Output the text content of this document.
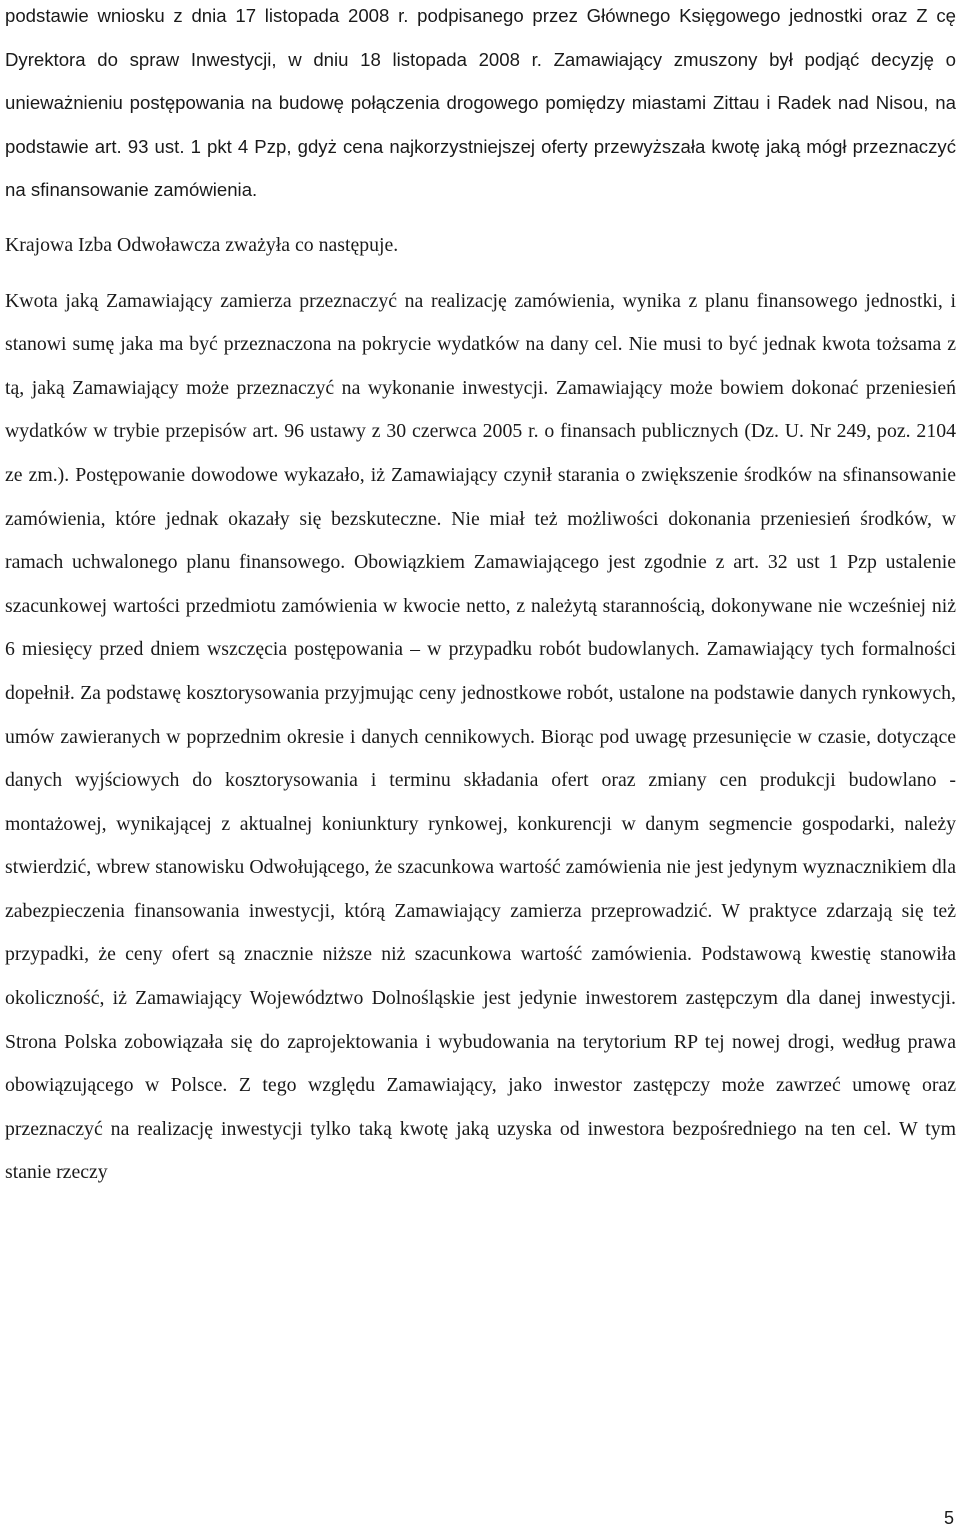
podstawie wniosku z dnia 17 listopada 2008 r. podpisanego przez Głównego Księgowego jednostki oraz Z cę Dyrektora do spraw Inwestycji, w dniu 18 listopada 2008 r. Zamawiający zmuszony był podjąć decyzję o unieważnieniu postępowania na budowę połączenia drogowego pomiędzy miastami Zittau i Radek nad Nisou, na podstawie art. 93 ust. 1 pkt 4 Pzp, gdyż cena najkorzystniejszej oferty przewyższała kwotę jaką mógł przeznaczyć na sfinansowanie zamówienia.

Krajowa Izba Odwoławcza zważyła co następuje.

Kwota jaką Zamawiający zamierza przeznaczyć na realizację zamówienia, wynika z planu finansowego jednostki, i stanowi sumę jaka ma być przeznaczona na pokrycie wydatków na dany cel. Nie musi to być jednak kwota tożsama z tą, jaką Zamawiający może przeznaczyć na wykonanie inwestycji. Zamawiający może bowiem dokonać przeniesień wydatków w trybie przepisów art. 96 ustawy z 30 czerwca 2005 r. o finansach publicznych (Dz. U. Nr 249, poz. 2104 ze zm.). Postępowanie dowodowe wykazało, iż Zamawiający czynił starania o zwiększenie środków na sfinansowanie zamówienia, które jednak okazały się bezskuteczne. Nie miał też możliwości dokonania przeniesień środków, w ramach uchwalonego planu finansowego. Obowiązkiem Zamawiającego jest zgodnie z art. 32 ust 1 Pzp ustalenie szacunkowej wartości przedmiotu zamówienia w kwocie netto, z należytą starannością, dokonywane nie wcześniej niż 6 miesięcy przed dniem wszczęcia postępowania – w przypadku robót budowlanych. Zamawiający tych formalności dopełnił. Za podstawę kosztorysowania przyjmując ceny jednostkowe robót, ustalone na podstawie danych rynkowych, umów zawieranych w poprzednim okresie i danych cennikowych. Biorąc pod uwagę przesunięcie w czasie, dotyczące danych wyjściowych do kosztorysowania i terminu składania ofert oraz zmiany cen produkcji budowlano - montażowej, wynikającej z aktualnej koniunktury rynkowej, konkurencji w danym segmencie gospodarki, należy stwierdzić, wbrew stanowisku Odwołującego, że szacunkowa wartość zamówienia nie jest jedynym wyznacznikiem dla zabezpieczenia finansowania inwestycji, którą Zamawiający zamierza przeprowadzić. W praktyce zdarzają się też przypadki, że ceny ofert są znacznie niższe niż szacunkowa wartość zamówienia. Podstawową kwestię stanowiła okoliczność, iż Zamawiający Województwo Dolnośląskie jest jedynie inwestorem zastępczym dla danej inwestycji. Strona Polska zobowiązała się do zaprojektowania i wybudowania na terytorium RP tej nowej drogi, według prawa obowiązującego w Polsce. Z tego względu Zamawiający, jako inwestor zastępczy może zawrzeć umowę oraz przeznaczyć na realizację inwestycji tylko taką kwotę jaką uzyska od inwestora bezpośredniego na ten cel. W tym stanie rzeczy

5
